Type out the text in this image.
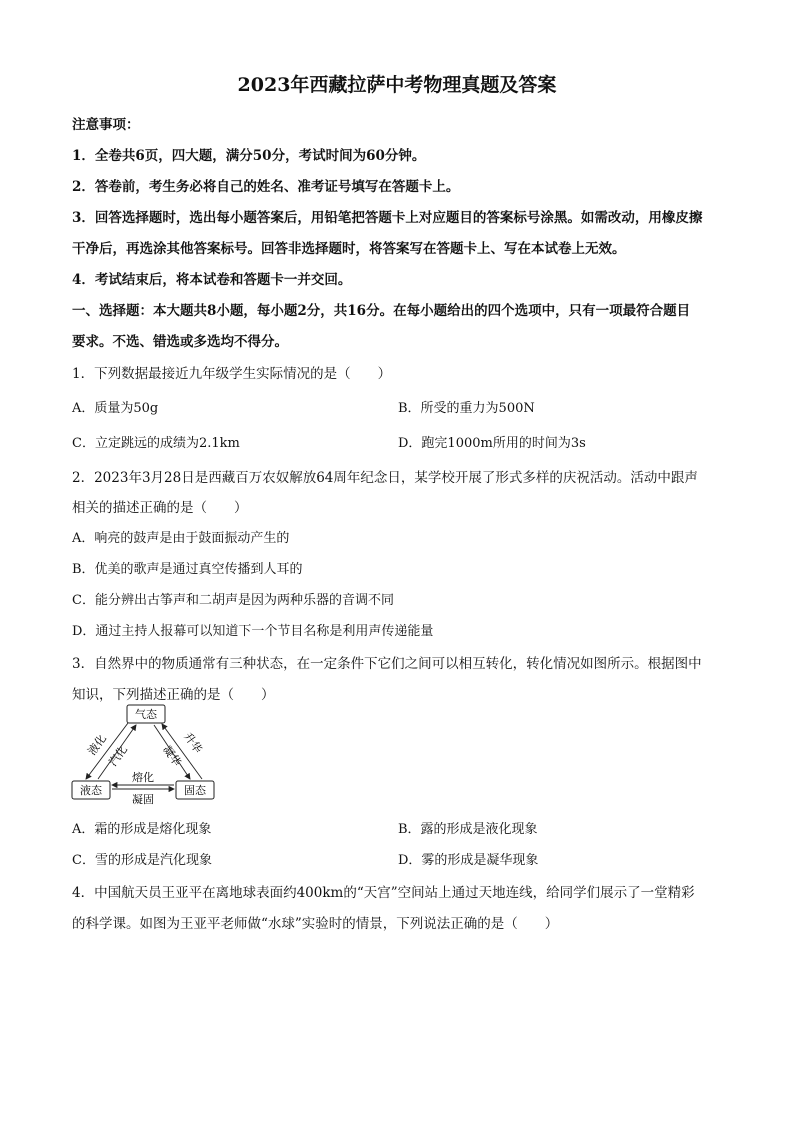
2023年西藏拉萨中考物理真题及答案
注意事项：
1．全卷共6页，四大题，满分50分，考试时间为60分钟。
2．答卷前，考生务必将自己的姓名、准考证号填写在答题卡上。
3．回答选择题时，选出每小题答案后，用铅笔把答题卡上对应题目的答案标号涂黑。如需改动，用橡皮擦
干净后，再选涂其他答案标号。回答非选择题时，将答案写在答题卡上、写在本试卷上无效。
4．考试结束后，将本试卷和答题卡一并交回。
一、选择题：本大题共8小题，每小题2分，共16分。在每小题给出的四个选项中，只有一项最符合题目
要求。不选、错选或多选均不得分。
1．下列数据最接近九年级学生实际情况的是（　　）
A．质量为50g	B．所受的重力为500N
C．立定跳远的成绩为2.1km	D．跑完1000m所用的时间为3s
2．2023年3月28日是西藏百万农奴解放64周年纪念日，某学校开展了形式多样的庆祝活动。活动中跟声
相关的描述正确的是（　　）
A．响亮的鼓声是由于鼓面振动产生的
B．优美的歌声是通过真空传播到人耳的
C．能分辨出古筝声和二胡声是因为两种乐器的音调不同
D．通过主持人报幕可以知道下一个节目名称是利用声传递能量
3．自然界中的物质通常有三种状态，在一定条件下它们之间可以相互转化，转化情况如图所示。根据图中
知识，下列描述正确的是（　　）
气态
液态	固态
液化
汽化
升华
凝华
熔化
凝固
A．霜的形成是熔化现象	B．露的形成是液化现象
C．雪的形成是汽化现象	D．雾的形成是凝华现象
4．中国航天员王亚平在离地球表面约400km的“天宫”空间站上通过天地连线，给同学们展示了一堂精彩
的科学课。如图为王亚平老师做“水球”实验时的情景，下列说法正确的是（　　）
